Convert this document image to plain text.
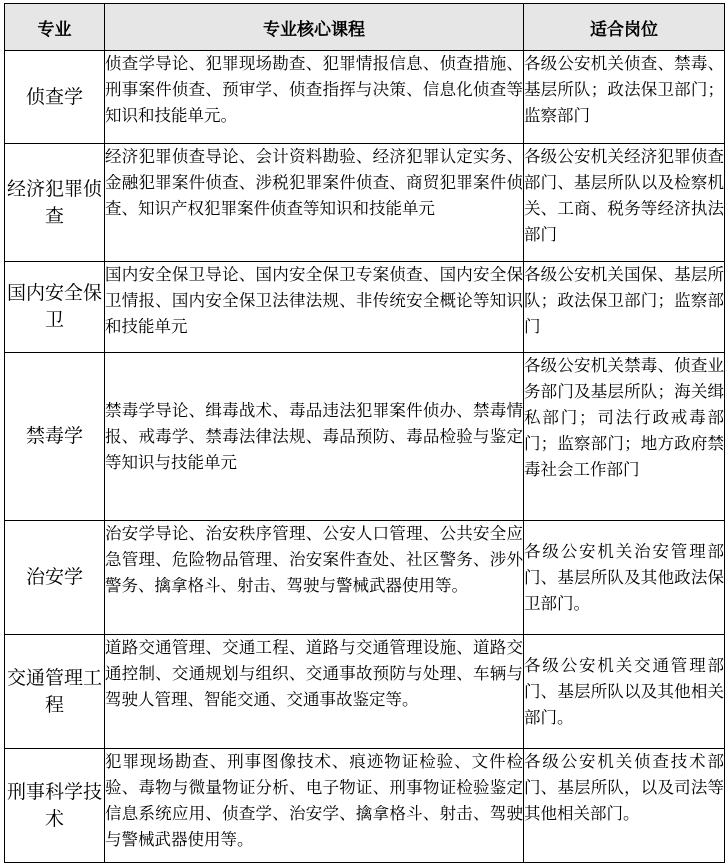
专业	专业核心课程	适合岗位
侦查学	侦查学导论、犯罪现场勘查、犯罪情报信息、侦查措施、刑事案件侦查、预审学、侦查指挥与决策、信息化侦查等知识和技能单元。	各级公安机关侦查、禁毒、基层所队；政法保卫部门；监察部门
经济犯罪侦查	经济犯罪侦查导论、会计资料勘验、经济犯罪认定实务、金融犯罪案件侦查、涉税犯罪案件侦查、商贸犯罪案件侦查、知识产权犯罪案件侦查等知识和技能单元	各级公安机关经济犯罪侦查部门、基层所队以及检察机关、工商、税务等经济执法部门
国内安全保卫	国内安全保卫导论、国内安全保卫专案侦查、国内安全保卫情报、国内安全保卫法律法规、非传统安全概论等知识和技能单元	各级公安机关国保、基层所队；政法保卫部门；监察部门
禁毒学	禁毒学导论、缉毒战术、毒品违法犯罪案件侦办、禁毒情报、戒毒学、禁毒法律法规、毒品预防、毒品检验与鉴定等知识与技能单元	各级公安机关禁毒、侦查业务部门及基层所队；海关缉私部门；司法行政戒毒部门；监察部门；地方政府禁毒社会工作部门
治安学	治安学导论、治安秩序管理、公安人口管理、公共安全应急管理、危险物品管理、治安案件查处、社区警务、涉外警务、擒拿格斗、射击、驾驶与警械武器使用等。	各级公安机关治安管理部门、基层所队及其他政法保卫部门。
交通管理工程	道路交通管理、交通工程、道路与交通管理设施、道路交通控制、交通规划与组织、交通事故预防与处理、车辆与驾驶人管理、智能交通、交通事故鉴定等。	各级公安机关交通管理部门、基层所队以及其他相关部门。
刑事科学技术	犯罪现场勘查、刑事图像技术、痕迹物证检验、文件检验、毒物与微量物证分析、电子物证、刑事物证检验鉴定信息系统应用、侦查学、治安学、擒拿格斗、射击、驾驶与警械武器使用等。	各级公安机关侦查技术部门、基层所队，以及司法等其他相关部门。
